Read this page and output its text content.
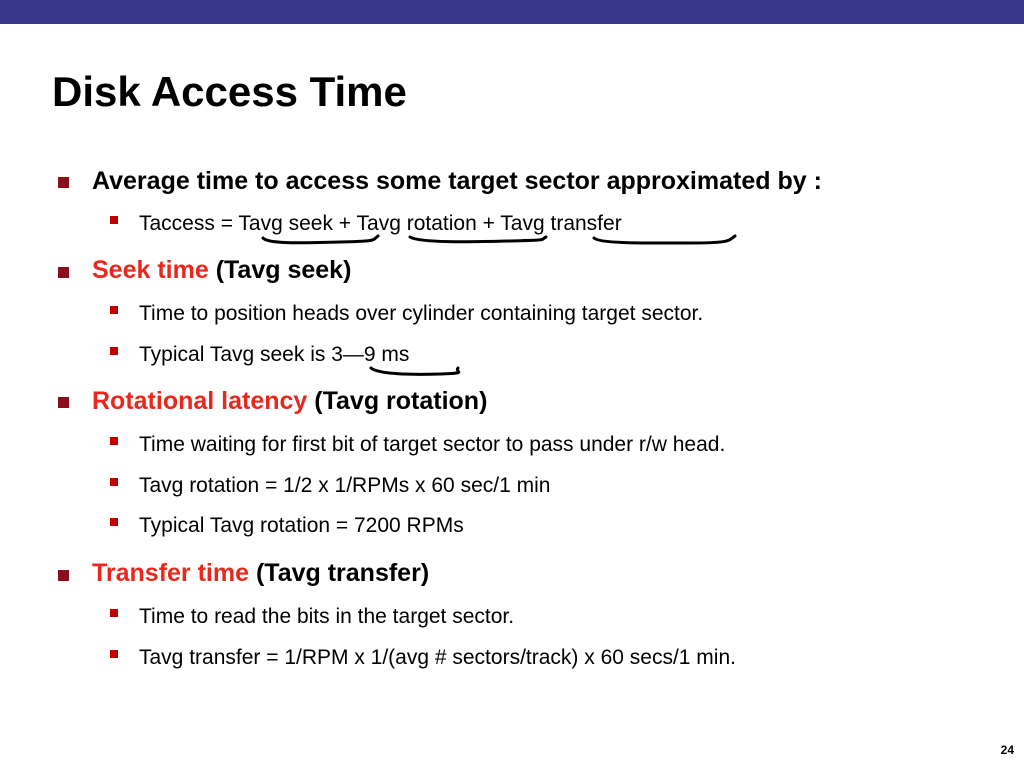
Disk Access Time
Average time to access some target sector approximated by :
Taccess = Tavg seek + Tavg rotation + Tavg transfer
Seek time (Tavg seek)
Time to position heads over cylinder containing target sector.
Typical Tavg seek is 3—9 ms
Rotational latency (Tavg rotation)
Time waiting for first bit of target sector to pass under r/w head.
Tavg rotation = 1/2 x 1/RPMs x 60 sec/1 min
Typical Tavg rotation = 7200 RPMs
Transfer time (Tavg transfer)
Time to read the bits in the target sector.
Tavg transfer = 1/RPM x 1/(avg # sectors/track) x 60 secs/1 min.
24
